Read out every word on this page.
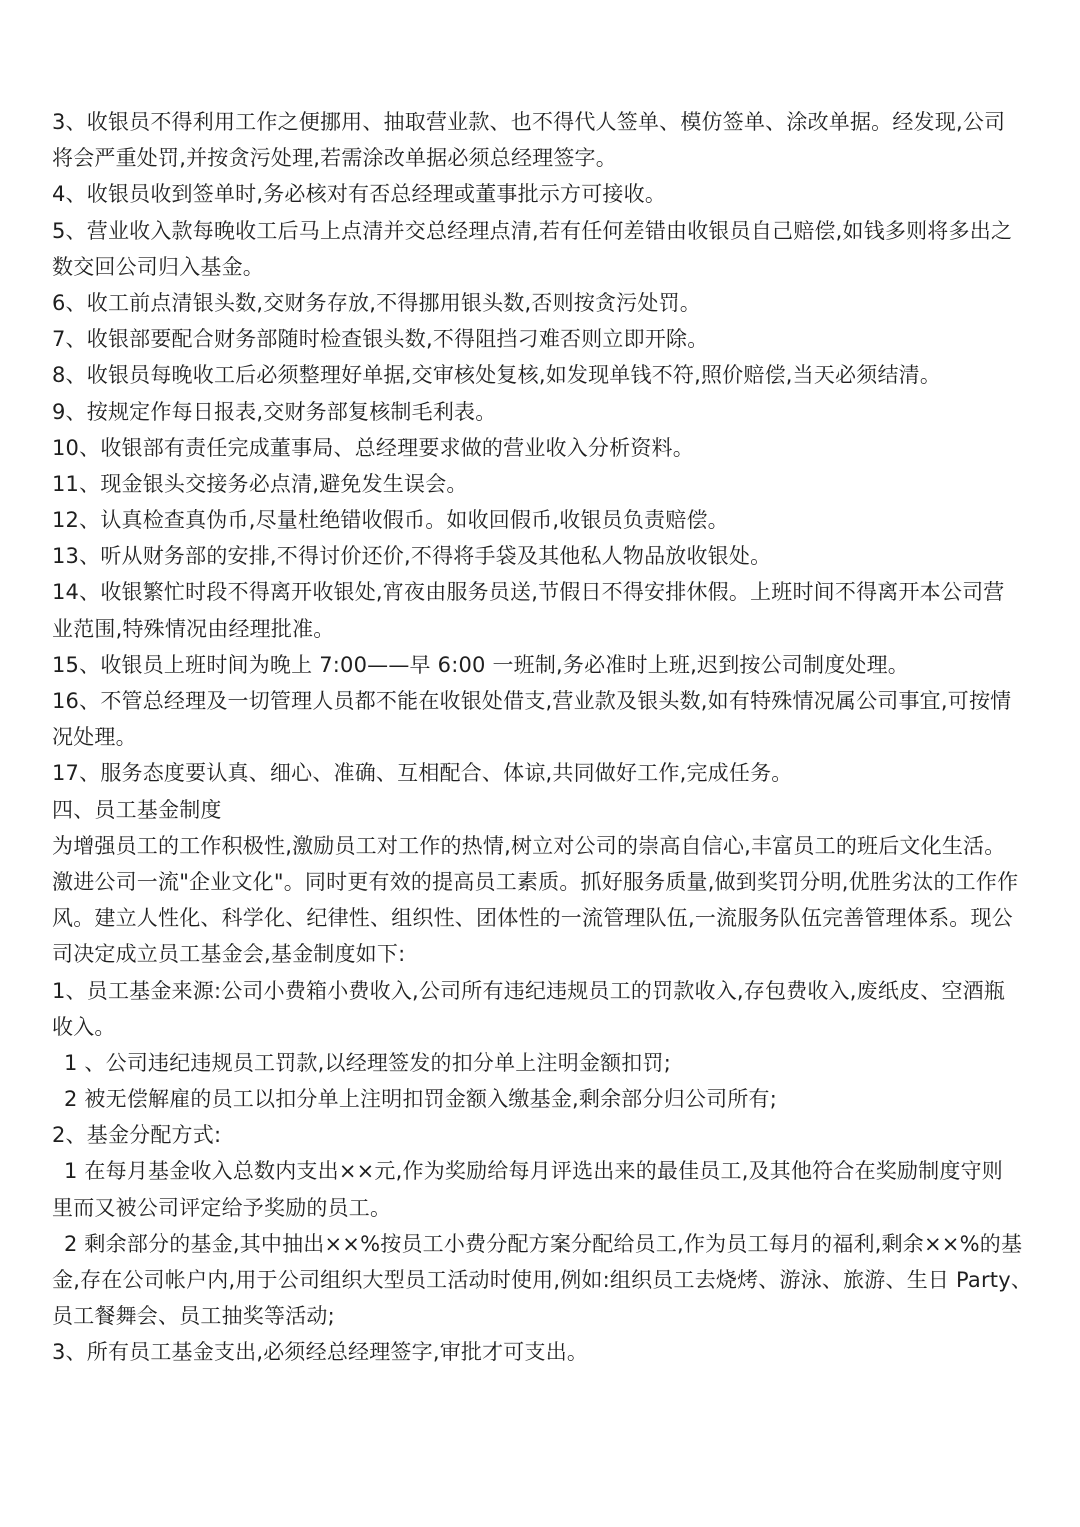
3、收银员不得利用工作之便挪用、抽取营业款、也不得代人签单、模仿签单、涂改单据。经发现,公司
将会严重处罚,并按贪污处理,若需涂改单据必须总经理签字。
4、收银员收到签单时,务必核对有否总经理或董事批示方可接收。
5、营业收入款每晚收工后马上点清并交总经理点清,若有任何差错由收银员自己赔偿,如钱多则将多出之
数交回公司归入基金。
6、收工前点清银头数,交财务存放,不得挪用银头数,否则按贪污处罚。
7、收银部要配合财务部随时检查银头数,不得阻挡刁难否则立即开除。
8、收银员每晚收工后必须整理好单据,交审核处复核,如发现单钱不符,照价赔偿,当天必须结清。
9、按规定作每日报表,交财务部复核制毛利表。
10、收银部有责任完成董事局、总经理要求做的营业收入分析资料。
11、现金银头交接务必点清,避免发生误会。
12、认真检查真伪币,尽量杜绝错收假币。如收回假币,收银员负责赔偿。
13、听从财务部的安排,不得讨价还价,不得将手袋及其他私人物品放收银处。
14、收银繁忙时段不得离开收银处,宵夜由服务员送,节假日不得安排休假。上班时间不得离开本公司营
业范围,特殊情况由经理批准。
15、收银员上班时间为晚上 7:00——早 6:00 一班制,务必准时上班,迟到按公司制度处理。
16、不管总经理及一切管理人员都不能在收银处借支,营业款及银头数,如有特殊情况属公司事宜,可按情
况处理。
17、服务态度要认真、细心、准确、互相配合、体谅,共同做好工作,完成任务。
四、员工基金制度
为增强员工的工作积极性,激励员工对工作的热情,树立对公司的崇高自信心,丰富员工的班后文化生活。
激进公司一流"企业文化"。同时更有效的提高员工素质。抓好服务质量,做到奖罚分明,优胜劣汰的工作作
风。建立人性化、科学化、纪律性、组织性、团体性的一流管理队伍,一流服务队伍完善管理体系。现公
司决定成立员工基金会,基金制度如下:
1、员工基金来源:公司小费箱小费收入,公司所有违纪违规员工的罚款收入,存包费收入,废纸皮、空酒瓶
收入。
1 、公司违纪违规员工罚款,以经理签发的扣分单上注明金额扣罚;
2 被无偿解雇的员工以扣分单上注明扣罚金额入缴基金,剩余部分归公司所有;
2、基金分配方式:
1 在每月基金收入总数内支出××元,作为奖励给每月评选出来的最佳员工,及其他符合在奖励制度守则
里而又被公司评定给予奖励的员工。
2 剩余部分的基金,其中抽出××%按员工小费分配方案分配给员工,作为员工每月的福利,剩余××%的基
金,存在公司帐户内,用于公司组织大型员工活动时使用,例如:组织员工去烧烤、游泳、旅游、生日 Party、
员工餐舞会、员工抽奖等活动;
3、所有员工基金支出,必须经总经理签字,审批才可支出。
